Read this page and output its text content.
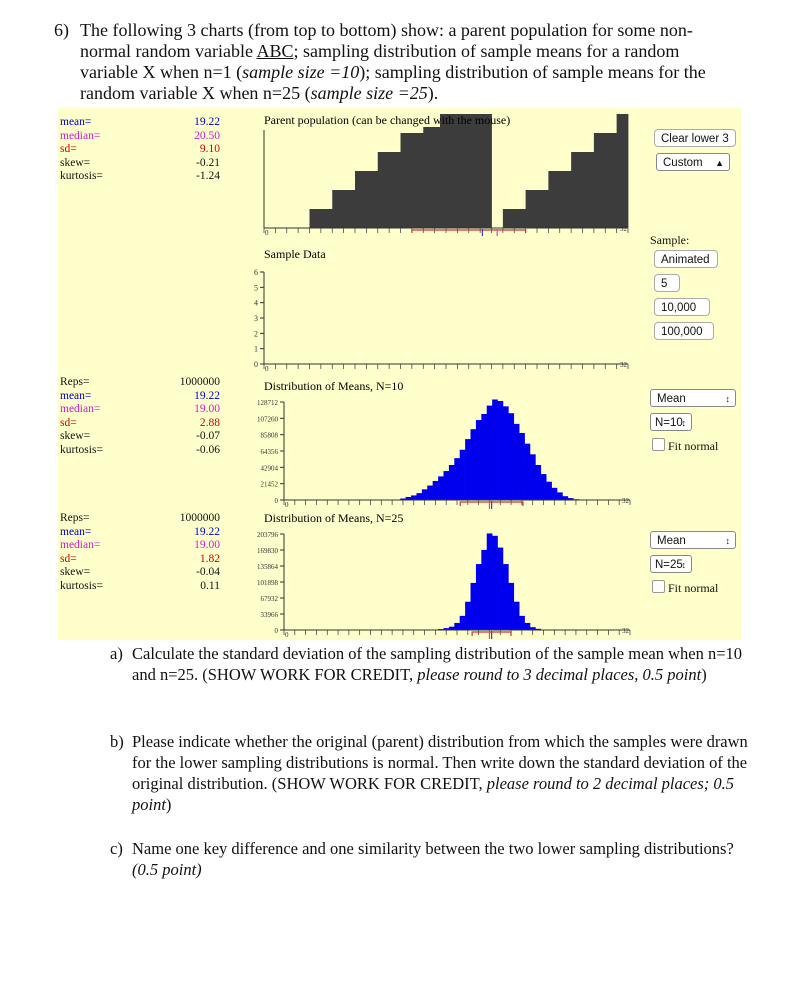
6) The following 3 charts (from top to bottom) show: a parent population for some non-normal random variable ABC; sampling distribution of sample means for a random variable X when n=1 (sample size =10); sampling distribution of sample means for the random variable X when n=25 (sample size =25).
mean=	19.22
median=	20.50
sd=	9.10
skew=	-0.21
kurtosis=	-1.24
Parent population (can be changed with the mouse)
0	32
Clear lower 3
Custom ▲︎

Sample:
Animated
5
10,000
100,000
Sample Data
6
5
4
3
2
1
0 0	32
Reps=	1000000
mean=	19.22
median=	19.00
sd=	2.88
skew=	-0.07
kurtosis=	-0.06
Distribution of Means, N=10
128712
107260
85808
64356
42904
21452
0 0	32
Mean	↕
N=10
↕
Fit normal
Reps=	1000000
mean=	19.22
median=	19.00
sd=	1.82
skew=	-0.04
kurtosis=	0.11
Distribution of Means, N=25
203796
169830
135864
101898
67932
33966
0 0	32
Mean	↕
N=25
↕
Fit normal
a) Calculate the standard deviation of the sampling distribution of the sample mean when n=10 and n=25. (SHOW WORK FOR CREDIT, please round to 3 decimal places, 0.5 point)
b) Please indicate whether the original (parent) distribution from which the samples were drawn for the lower sampling distributions is normal. Then write down the standard deviation of the original distribution. (SHOW WORK FOR CREDIT, please round to 2 decimal places; 0.5 point)
c) Name one key difference and one similarity between the two lower sampling distributions? (0.5 point)
